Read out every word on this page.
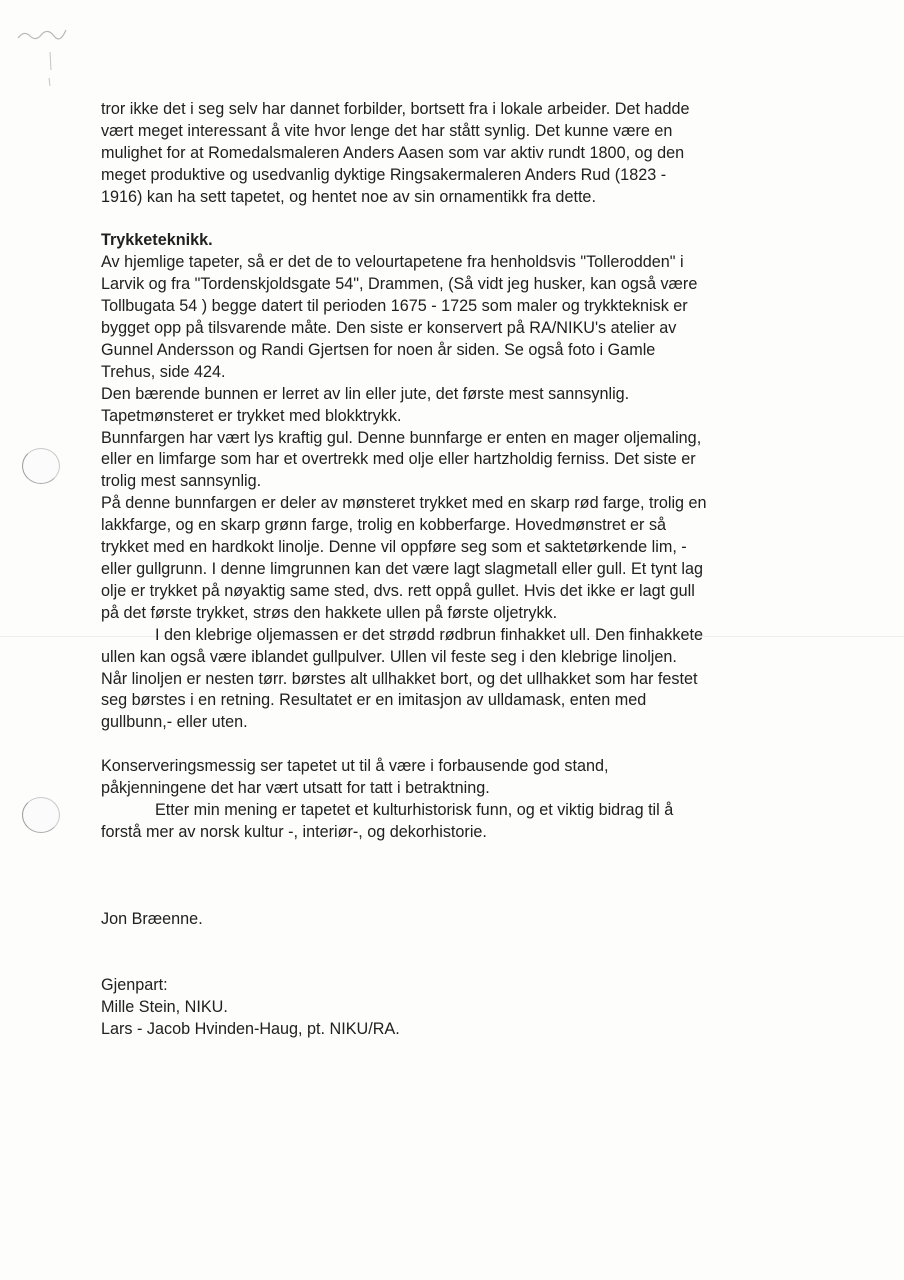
tror ikke det i seg selv har dannet forbilder, bortsett fra i lokale arbeider. Det hadde
vært meget interessant å vite hvor lenge det har stått synlig. Det kunne være en
mulighet for at Romedalsmaleren Anders Aasen som var aktiv rundt 1800, og den
meget produktive og usedvanlig dyktige Ringsakermaleren Anders Rud (1823 -
1916) kan ha sett tapetet, og hentet noe av sin ornamentikk fra dette.
Trykketeknikk.
Av hjemlige tapeter, så er det de to velourtapetene fra henholdsvis "Tollerodden" i
Larvik og fra "Tordenskjoldsgate 54", Drammen, (Så vidt jeg husker, kan også være
Tollbugata 54 ) begge datert til perioden 1675 - 1725 som maler og trykkteknisk er
bygget opp på tilsvarende måte. Den siste er konservert på RA/NIKU's atelier av
Gunnel Andersson og Randi Gjertsen for noen år siden. Se også foto i Gamle
Trehus, side 424.
Den bærende bunnen er lerret av lin eller jute, det første mest sannsynlig.
Tapetmønsteret er trykket med blokktrykk.
Bunnfargen har vært lys kraftig gul. Denne bunnfarge er enten en mager oljemaling,
eller en limfarge som har et overtrekk med olje eller hartzholdig ferniss. Det siste er
trolig mest sannsynlig.
På denne bunnfargen er deler av mønsteret trykket med en skarp rød farge, trolig en
lakkfarge, og en skarp grønn farge, trolig en kobberfarge. Hovedmønstret er så
trykket med en hardkokt linolje. Denne vil oppføre seg som et saktetørkende lim, -
eller gullgrunn. I denne limgrunnen kan det være lagt slagmetall eller gull. Et tynt lag
olje er trykket på nøyaktig same sted, dvs. rett oppå gullet. Hvis det ikke er lagt gull
på det første trykket, strøs den hakkete ullen på første oljetrykk.
I den klebrige oljemassen er det strødd rødbrun finhakket ull. Den finhakkete
ullen kan også være iblandet gullpulver. Ullen vil feste seg i den klebrige linoljen.
Når linoljen er nesten tørr. børstes alt ullhakket bort, og det ullhakket som har festet
seg børstes i en retning. Resultatet er en imitasjon av ulldamask, enten med
gullbunn,- eller uten.
Konserveringsmessig ser tapetet ut til å være i forbausende god stand,
påkjenningene det har vært utsatt for tatt i betraktning.
Etter min mening er tapetet et kulturhistorisk funn, og et viktig bidrag til å
forstå mer av norsk kultur -, interiør-, og dekorhistorie.
Jon Bræenne.
Gjenpart:
Mille Stein, NIKU.
Lars - Jacob Hvinden-Haug, pt. NIKU/RA.
